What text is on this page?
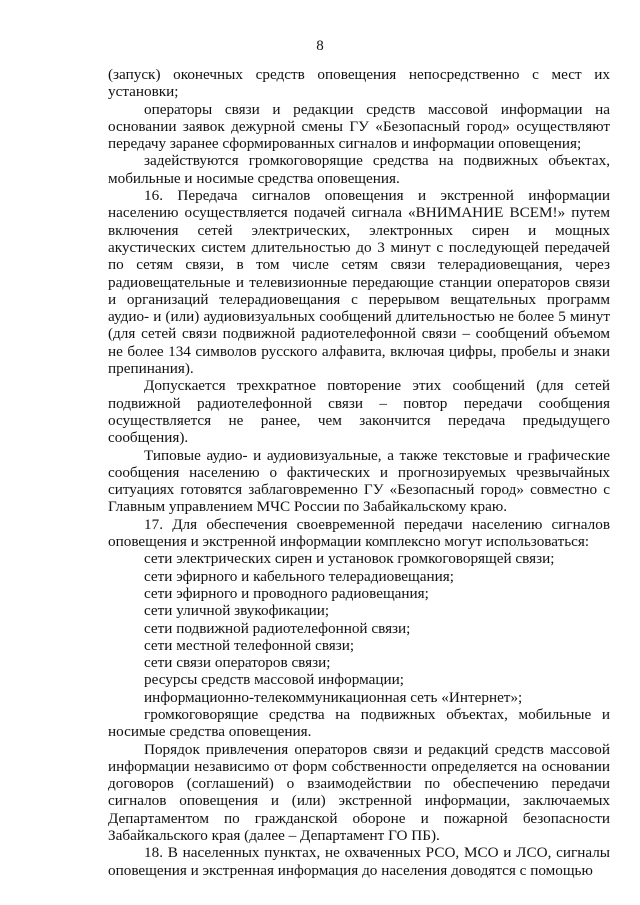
8

(запуск) оконечных средств оповещения непосредственно с мест их установки;

операторы связи и редакции средств массовой информации на основании заявок дежурной смены ГУ «Безопасный город» осуществляют передачу заранее сформированных сигналов и информации оповещения;

задействуются громкоговорящие средства на подвижных объектах, мобильные и носимые средства оповещения.

16. Передача сигналов оповещения и экстренной информации населению осуществляется подачей сигнала «ВНИМАНИЕ ВСЕМ!» путем включения сетей электрических, электронных сирен и мощных акустических систем длительностью до 3 минут с последующей передачей по сетям связи, в том числе сетям связи телерадиовещания, через радиовещательные и телевизионные передающие станции операторов связи и организаций телерадиовещания с перерывом вещательных программ аудио- и (или) аудиовизуальных сообщений длительностью не более 5 минут (для сетей связи подвижной радиотелефонной связи – сообщений объемом не более 134 символов русского алфавита, включая цифры, пробелы и знаки препинания).

Допускается трехкратное повторение этих сообщений (для сетей подвижной радиотелефонной связи – повтор передачи сообщения осуществляется не ранее, чем закончится передача предыдущего сообщения).

Типовые аудио- и аудиовизуальные, а также текстовые и графические сообщения населению о фактических и прогнозируемых чрезвычайных ситуациях готовятся заблаговременно ГУ «Безопасный город» совместно с Главным управлением МЧС России по Забайкальскому краю.

17. Для обеспечения своевременной передачи населению сигналов оповещения и экстренной информации комплексно могут использоваться:

сети электрических сирен и установок громкоговорящей связи;

сети эфирного и кабельного телерадиовещания;

сети эфирного и проводного радиовещания;

сети уличной звукофикации;

сети подвижной радиотелефонной связи;

сети местной телефонной связи;

сети связи операторов связи;

ресурсы средств массовой информации;

информационно-телекоммуникационная сеть «Интернет»;

громкоговорящие средства на подвижных объектах, мобильные и носимые средства оповещения.

Порядок привлечения операторов связи и редакций средств массовой информации независимо от форм собственности определяется на основании договоров (соглашений) о взаимодействии по обеспечению передачи сигналов оповещения и (или) экстренной информации, заключаемых Департаментом по гражданской обороне и пожарной безопасности Забайкальского края (далее – Департамент ГО ПБ).

18. В населенных пунктах, не охваченных РСО, МСО и ЛСО, сигналы оповещения и экстренная информация до населения доводятся с помощью
